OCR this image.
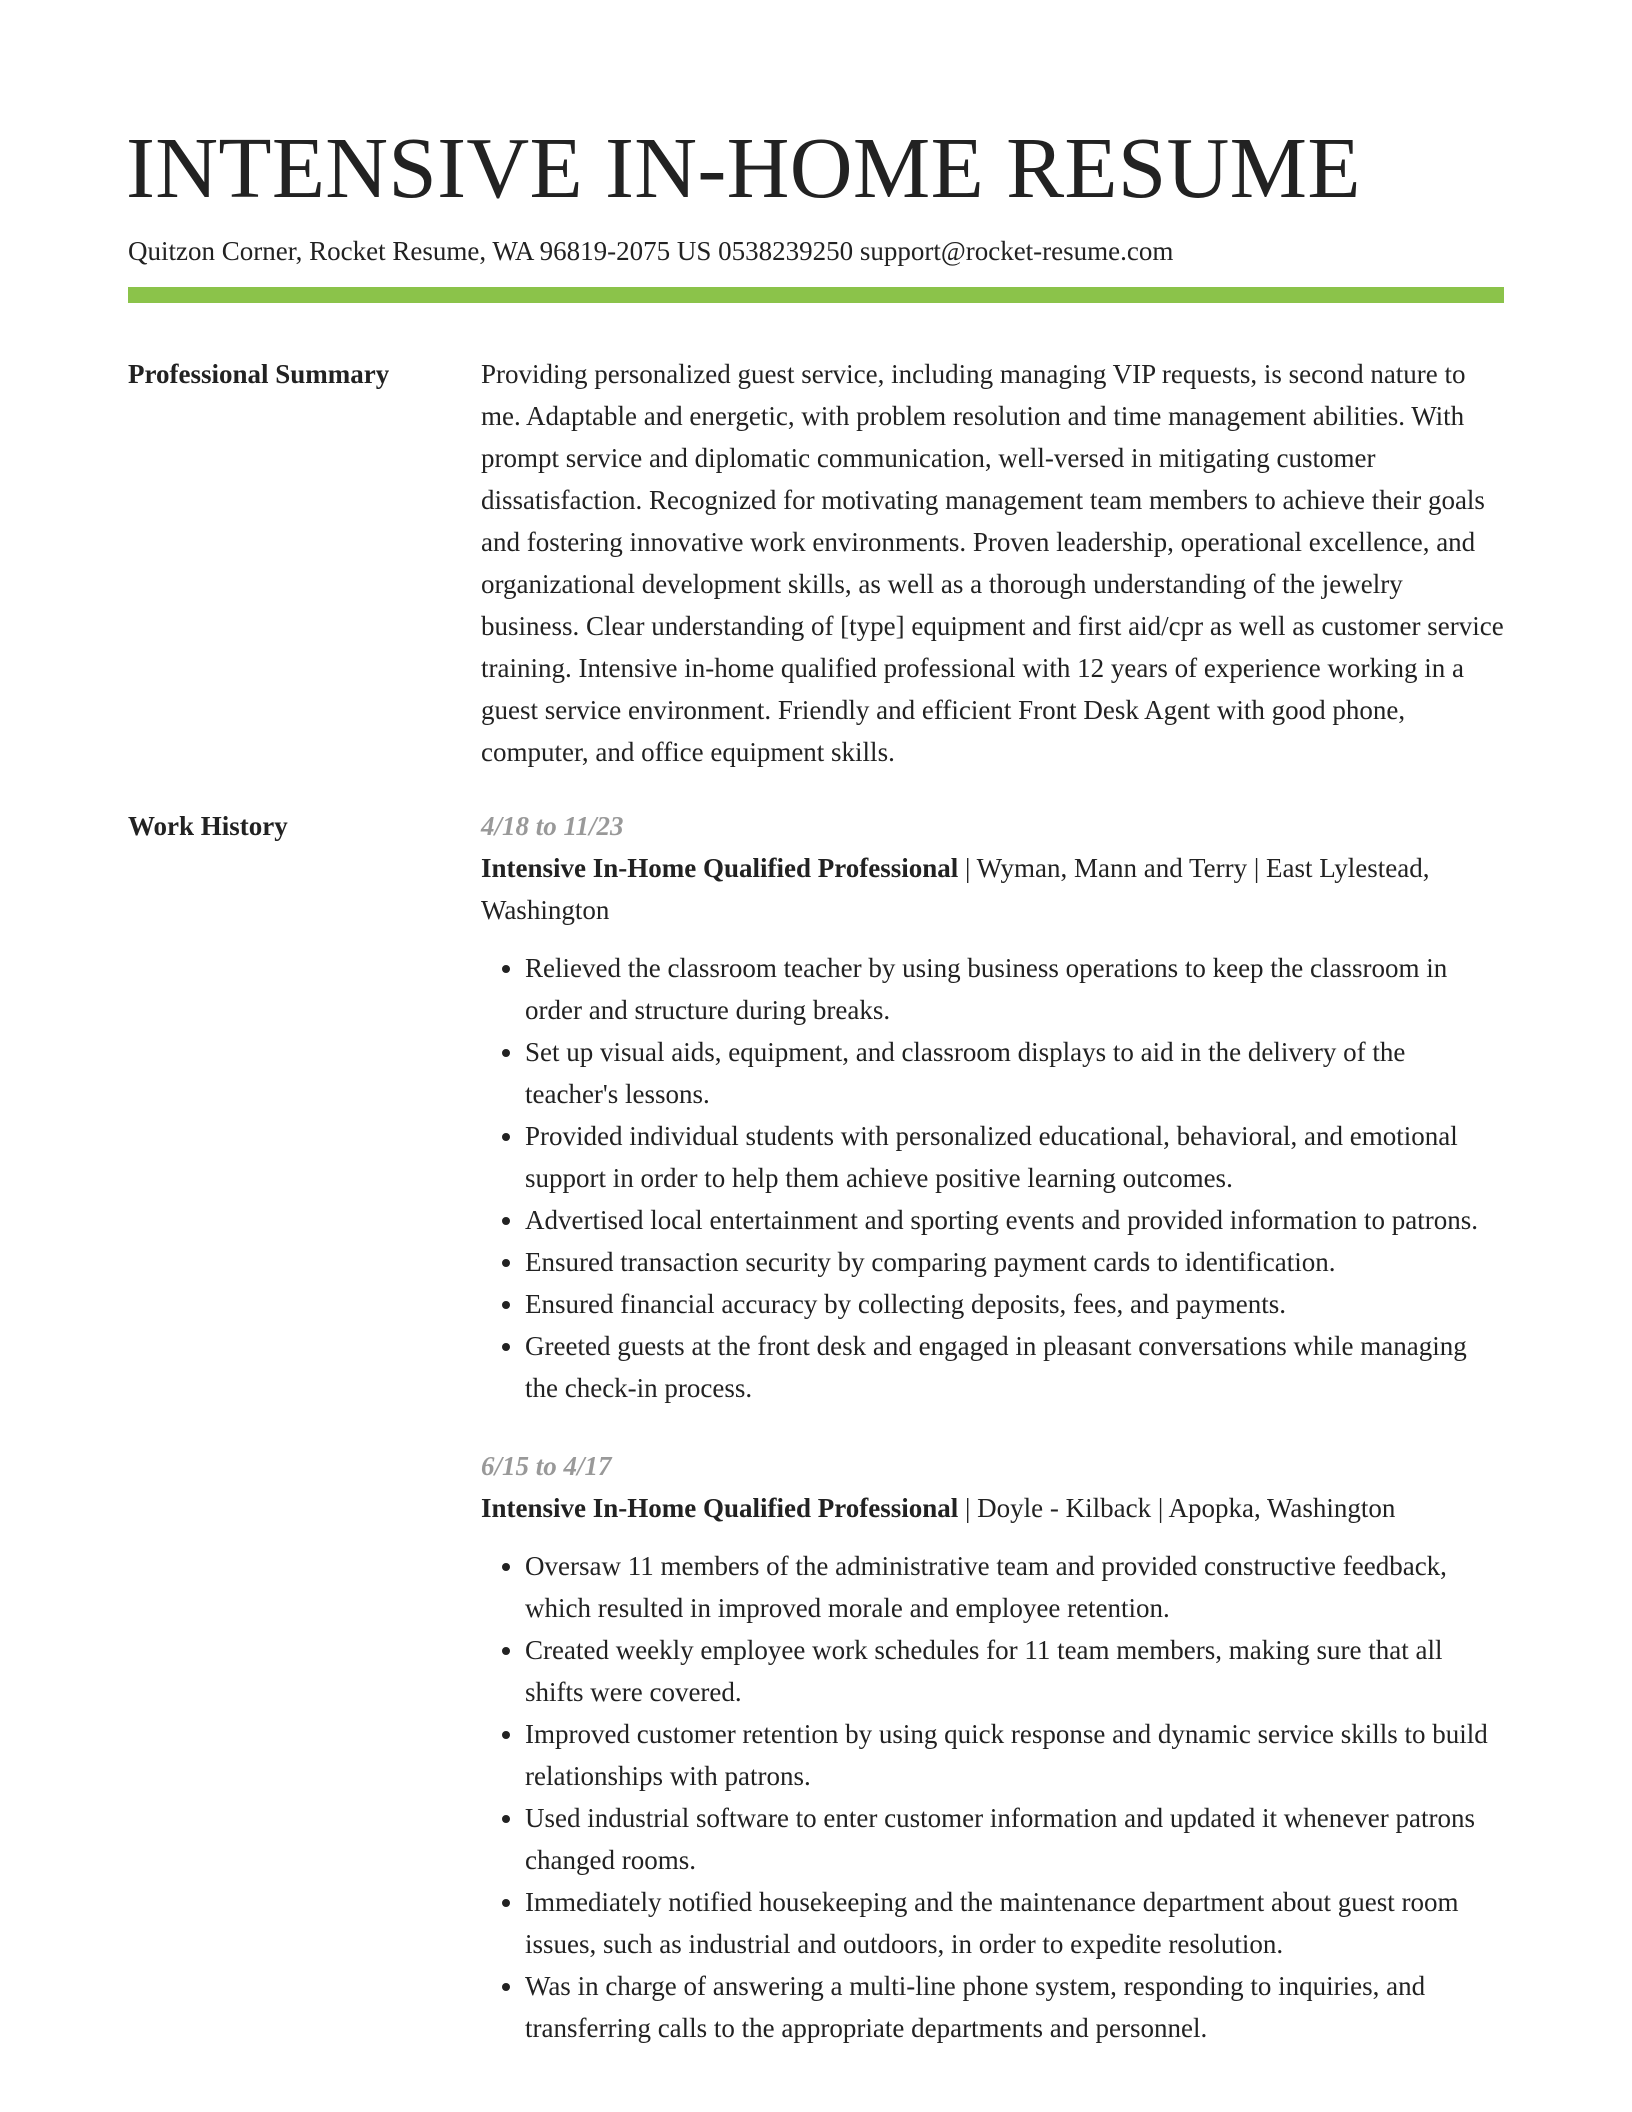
INTENSIVE IN-HOME RESUME
Quitzon Corner, Rocket Resume, WA 96819-2075 US 0538239250 support@rocket-resume.com
Professional Summary	Providing personalized guest service, including managing VIP requests, is second nature to me. Adaptable and energetic, with problem resolution and time management abilities. With prompt service and diplomatic communication, well-versed in mitigating customer dissatisfaction. Recognized for motivating management team members to achieve their goals and fostering innovative work environments. Proven leadership, operational excellence, and organizational development skills, as well as a thorough understanding of the jewelry business. Clear understanding of [type] equipment and first aid/cpr as well as customer service training. Intensive in-home qualified professional with 12 years of experience working in a guest service environment. Friendly and efficient Front Desk Agent with good phone, computer, and office equipment skills.

Work History	4/18 to 11/23
Intensive In-Home Qualified Professional | Wyman, Mann and Terry | East Lylestead, Washington
• Relieved the classroom teacher by using business operations to keep the classroom in order and structure during breaks.
• Set up visual aids, equipment, and classroom displays to aid in the delivery of the teacher's lessons.
• Provided individual students with personalized educational, behavioral, and emotional support in order to help them achieve positive learning outcomes.
• Advertised local entertainment and sporting events and provided information to patrons.
• Ensured transaction security by comparing payment cards to identification.
• Ensured financial accuracy by collecting deposits, fees, and payments.
• Greeted guests at the front desk and engaged in pleasant conversations while managing the check-in process.
6/15 to 4/17
Intensive In-Home Qualified Professional | Doyle - Kilback | Apopka, Washington
• Oversaw 11 members of the administrative team and provided constructive feedback, which resulted in improved morale and employee retention.
• Created weekly employee work schedules for 11 team members, making sure that all shifts were covered.
• Improved customer retention by using quick response and dynamic service skills to build relationships with patrons.
• Used industrial software to enter customer information and updated it whenever patrons changed rooms.
• Immediately notified housekeeping and the maintenance department about guest room issues, such as industrial and outdoors, in order to expedite resolution.
• Was in charge of answering a multi-line phone system, responding to inquiries, and transferring calls to the appropriate departments and personnel.
